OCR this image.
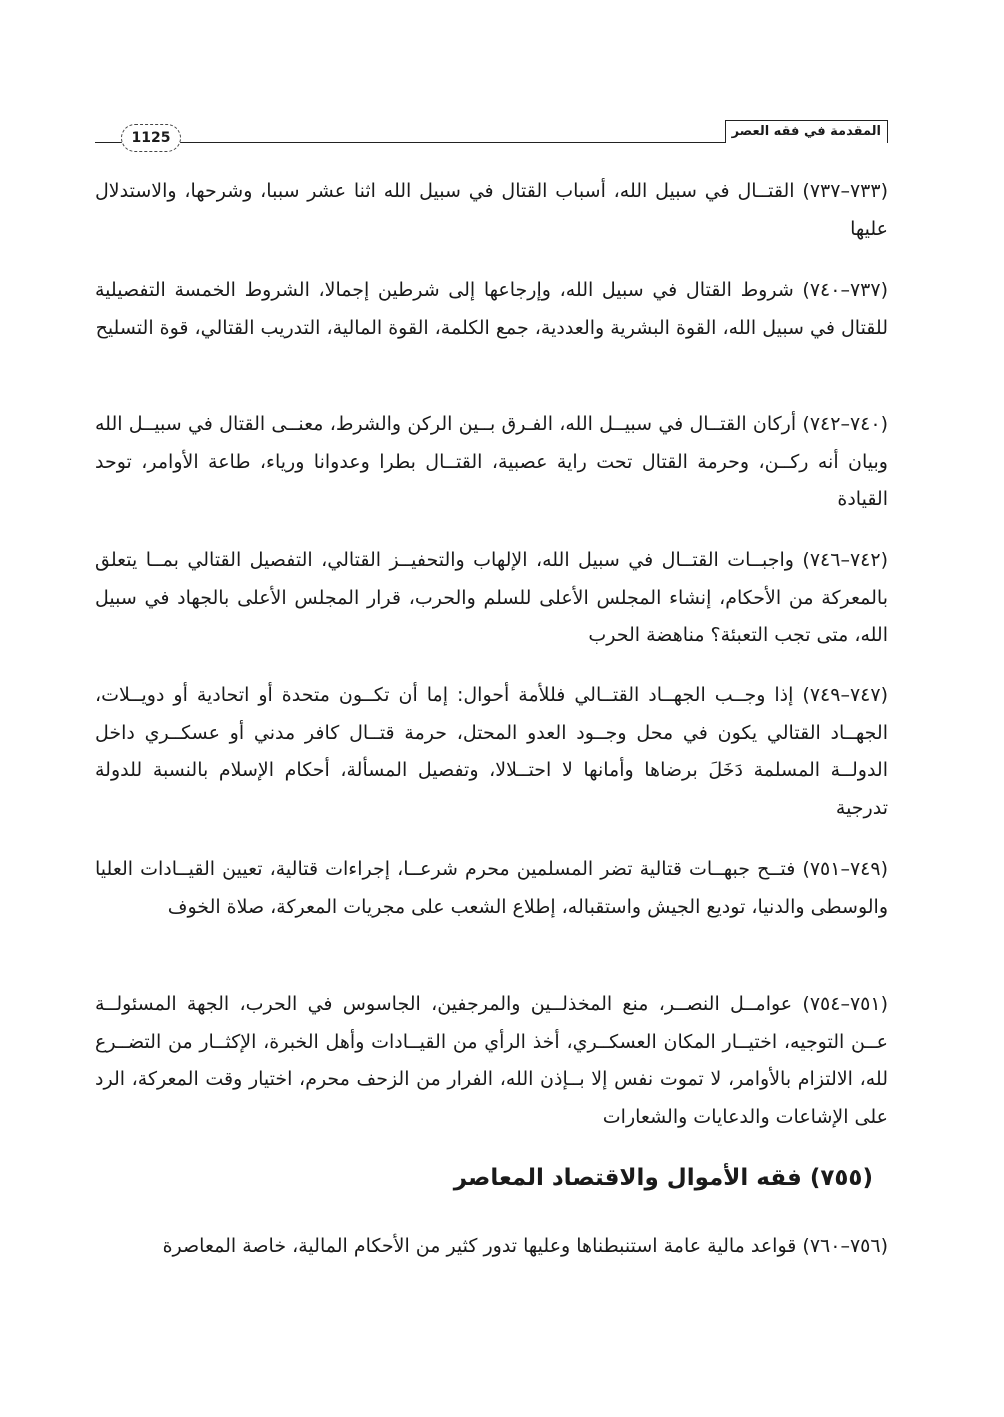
المقدمة في فقه العصر
1125

(٧٣٣–٧٣٧) القتــال في سبيل الله، أسباب القتال في سبيل الله اثنا عشر سببا، وشرحها، والاستدلال عليها

(٧٣٧–٧٤٠) شروط القتال في سبيل الله، وإرجاعها إلى شرطين إجمالا، الشروط الخمسة التفصيلية للقتال في سبيل الله، القوة البشرية والعددية، جمع الكلمة، القوة المالية، التدريب القتالي، قوة التسليح

(٧٤٠–٧٤٢) أركان القتــال في سبيــل الله، الفـرق بــين الركن والشرط، معنــى القتال في سبيــل الله وبيان أنه ركــن، وحرمة القتال تحت راية عصبية، القتــال بطرا وعدوانا ورياء، طاعة الأوامر، توحد القيادة

(٧٤٢–٧٤٦) واجبــات القتــال في سبيل الله، الإلهاب والتحفيــز القتالي، التفصيل القتالي بمــا يتعلق بالمعركة من الأحكام، إنشاء المجلس الأعلى للسلم والحرب، قرار المجلس الأعلى بالجهاد في سبيل الله، متى تجب التعبئة؟ مناهضة الحرب

(٧٤٧–٧٤٩) إذا وجــب الجهــاد القتــالي فللأمة أحوال: إما أن تكــون متحدة أو اتحادية أو دويــلات، الجهــاد القتالي يكون في محل وجــود العدو المحتل، حرمة قتــال كافر مدني أو عسكــري داخل الدولــة المسلمة دَخَلَ برضاها وأمانها لا احتــلالا، وتفصيل المسألة، أحكام الإسلام بالنسبة للدولة تدرجية

(٧٤٩–٧٥١) فتــح جبهــات قتالية تضر المسلمين محرم شرعــا، إجراءات قتالية، تعيين القيــادات العليا والوسطى والدنيا، توديع الجيش واستقباله، إطلاع الشعب على مجريات المعركة، صلاة الخوف

(٧٥١–٧٥٤) عوامــل النصــر، منع المخذلــين والمرجفين، الجاسوس في الحرب، الجهة المسئولــة عــن التوجيه، اختيــار المكان العسكــري، أخذ الرأي من القيــادات وأهل الخبرة، الإكثــار من التضــرع لله، الالتزام بالأوامر، لا تموت نفس إلا بــإذن الله، الفرار من الزحف محرم، اختيار وقت المعركة، الرد على الإشاعات والدعايات والشعارات

(٧٥٥) فقه الأموال والاقتصاد المعاصر

(٧٥٦–٧٦٠) قواعد مالية عامة استنبطناها وعليها تدور كثير من الأحكام المالية، خاصة المعاصرة
